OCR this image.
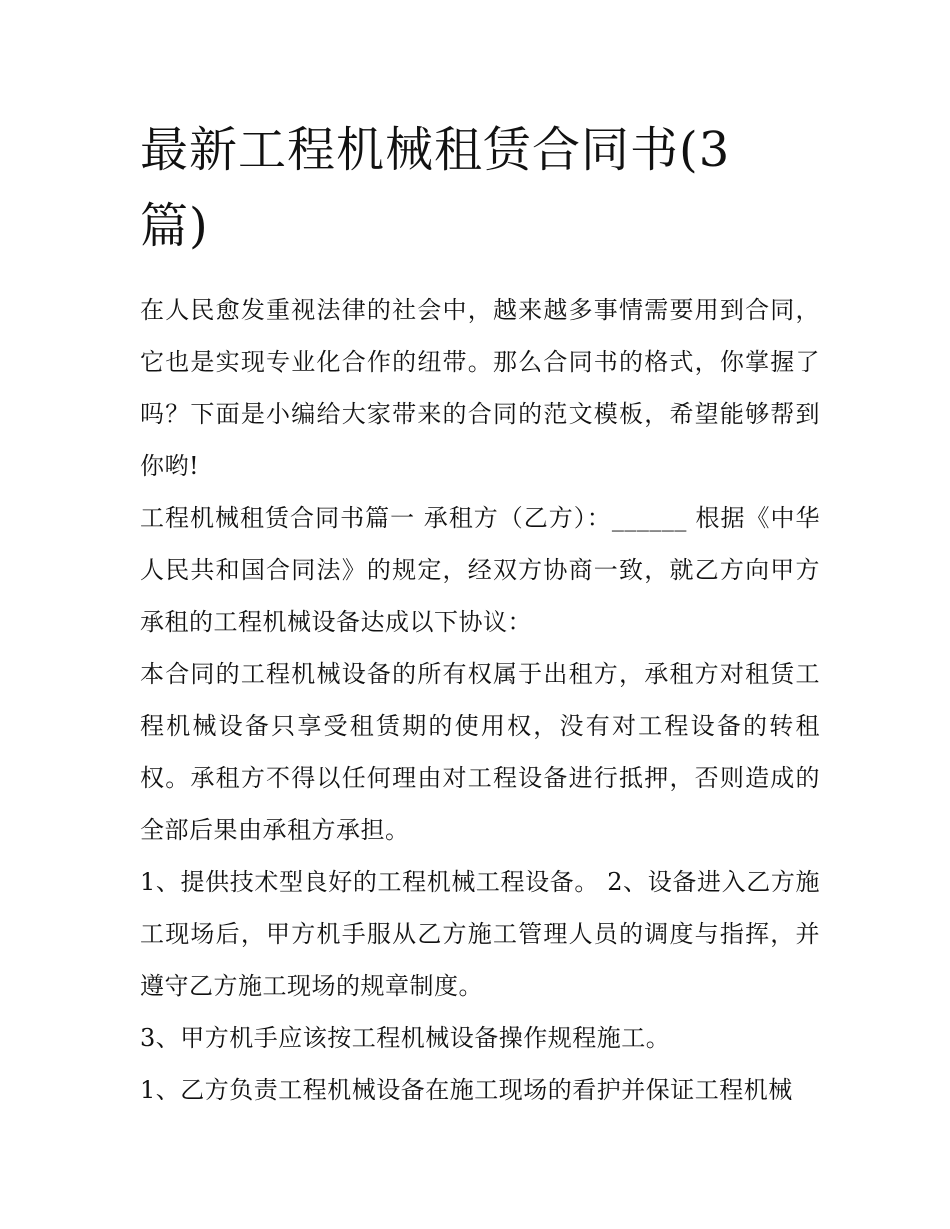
最新工程机械租赁合同书(3篇)

在人民愈发重视法律的社会中，越来越多事情需要用到合同，它也是实现专业化合作的纽带。那么合同书的格式，你掌握了吗？下面是小编给大家带来的合同的范文模板，希望能够帮到你哟!

工程机械租赁合同书篇一 承租方（乙方）：______ 根据《中华人民共和国合同法》的规定，经双方协商一致，就乙方向甲方承租的工程机械设备达成以下协议：

本合同的工程机械设备的所有权属于出租方，承租方对租赁工程机械设备只享受租赁期的使用权，没有对工程设备的转租权。承租方不得以任何理由对工程设备进行抵押，否则造成的全部后果由承租方承担。

1、提供技术型良好的工程机械工程设备。 2、设备进入乙方施工现场后，甲方机手服从乙方施工管理人员的调度与指挥，并遵守乙方施工现场的规章制度。

3、甲方机手应该按工程机械设备操作规程施工。

1、乙方负责工程机械设备在施工现场的看护并保证工程机械
